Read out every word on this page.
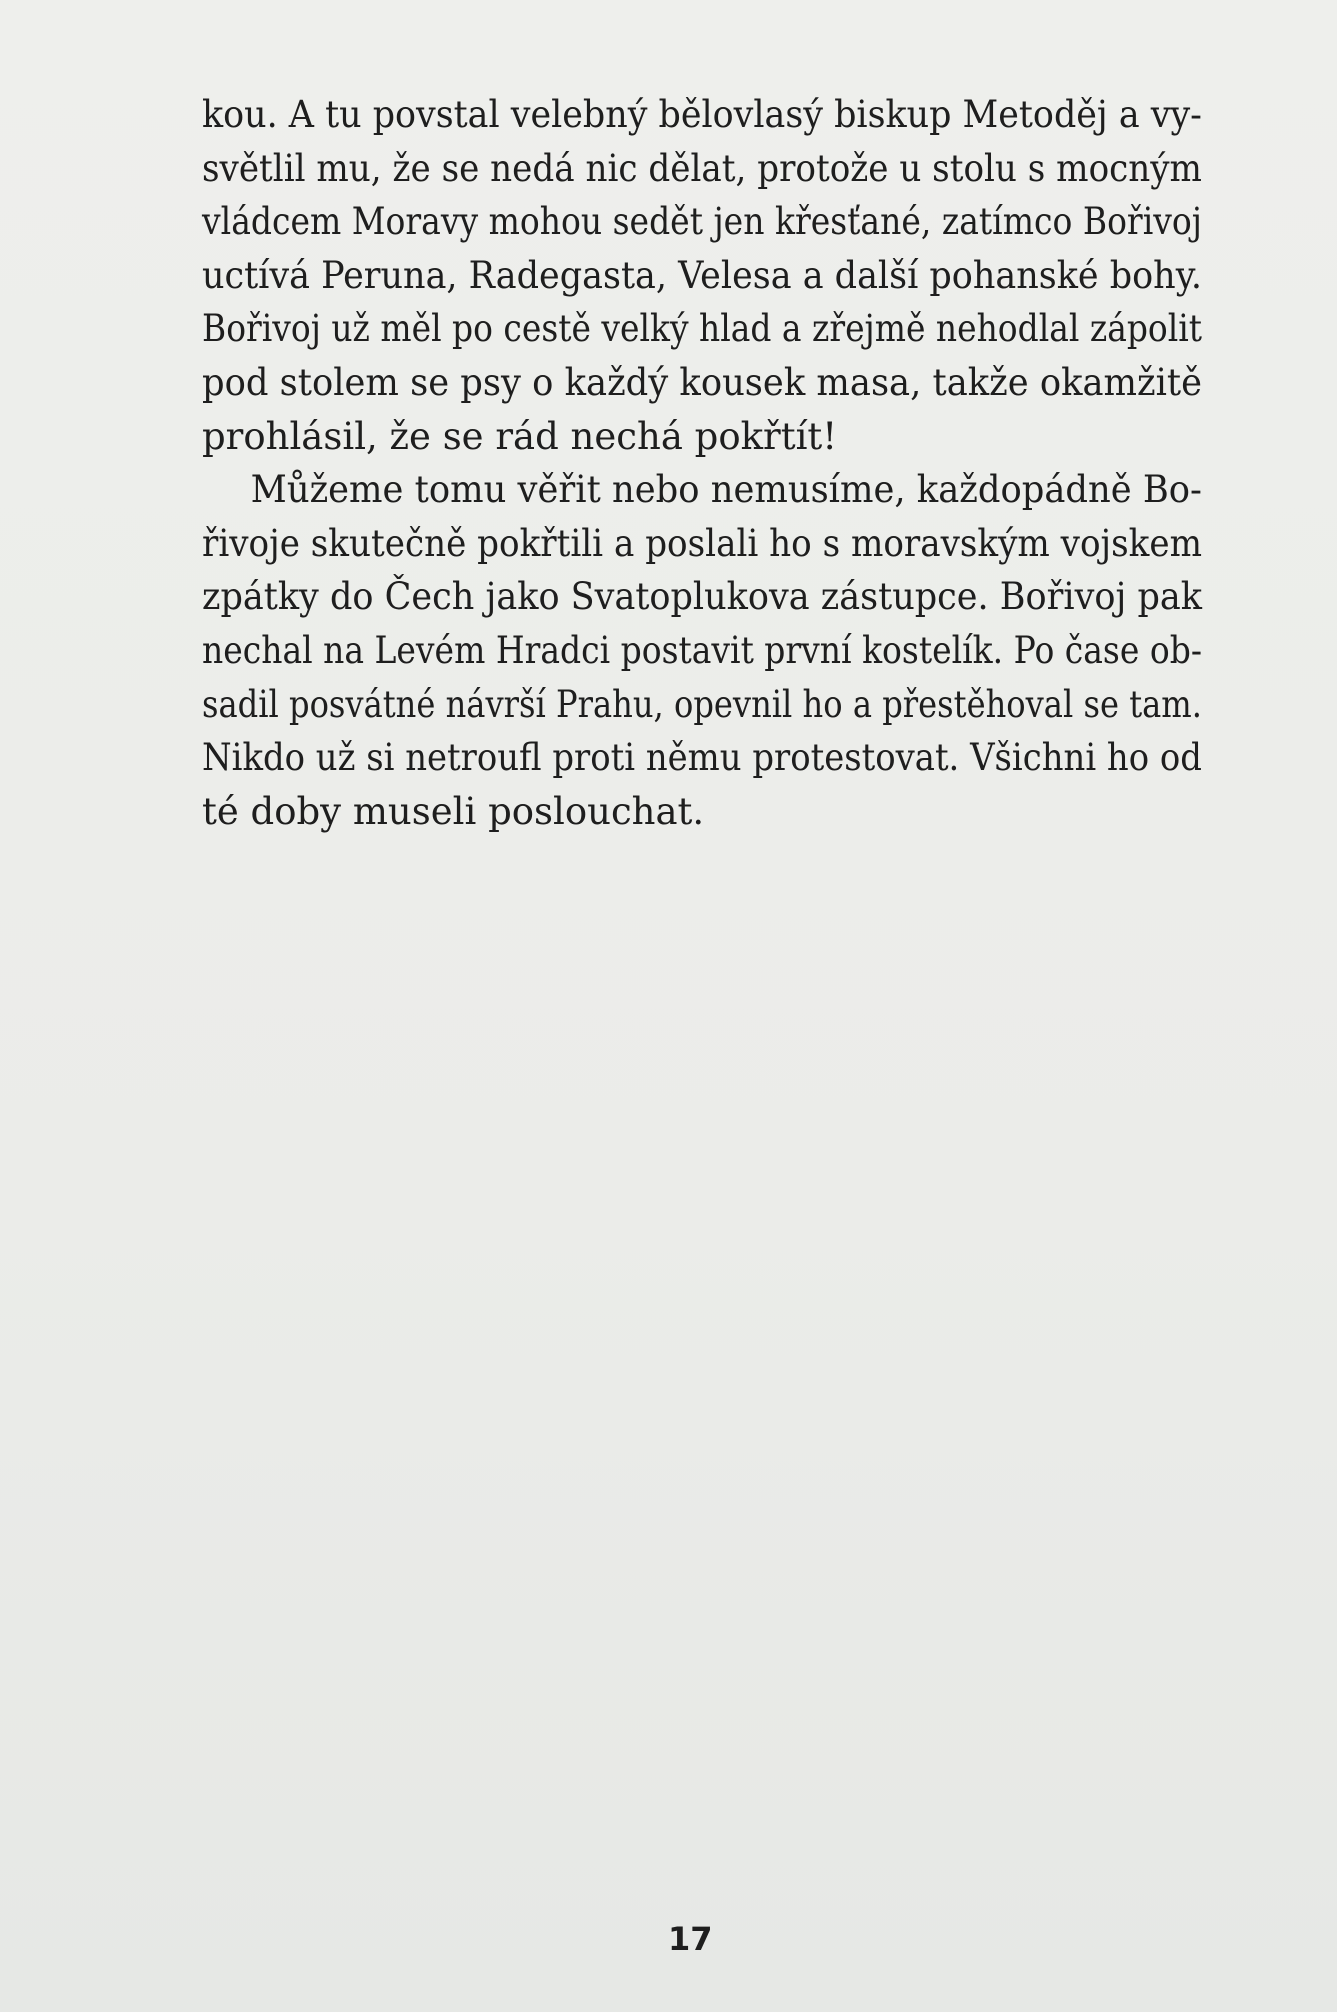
kou. A tu povstal velebný bělovlasý biskup Metoděj a vy-
světlil mu, že se nedá nic dělat, protože u stolu s mocným
vládcem Moravy mohou sedět jen křesťané, zatímco Bořivoj
uctívá Peruna, Radegasta, Velesa a další pohanské bohy.
Bořivoj už měl po cestě velký hlad a zřejmě nehodlal zápolit
pod stolem se psy o každý kousek masa, takže okamžitě
prohlásil, že se rád nechá pokřtít!
Můžeme tomu věřit nebo nemusíme, každopádně Bo-
řivoje skutečně pokřtili a poslali ho s moravským vojskem
zpátky do Čech jako Svatoplukova zástupce. Bořivoj pak
nechal na Levém Hradci postavit první kostelík. Po čase ob-
sadil posvátné návrší Prahu, opevnil ho a přestěhoval se tam.
Nikdo už si netroufl proti němu protestovat. Všichni ho od
té doby museli poslouchat.
17
